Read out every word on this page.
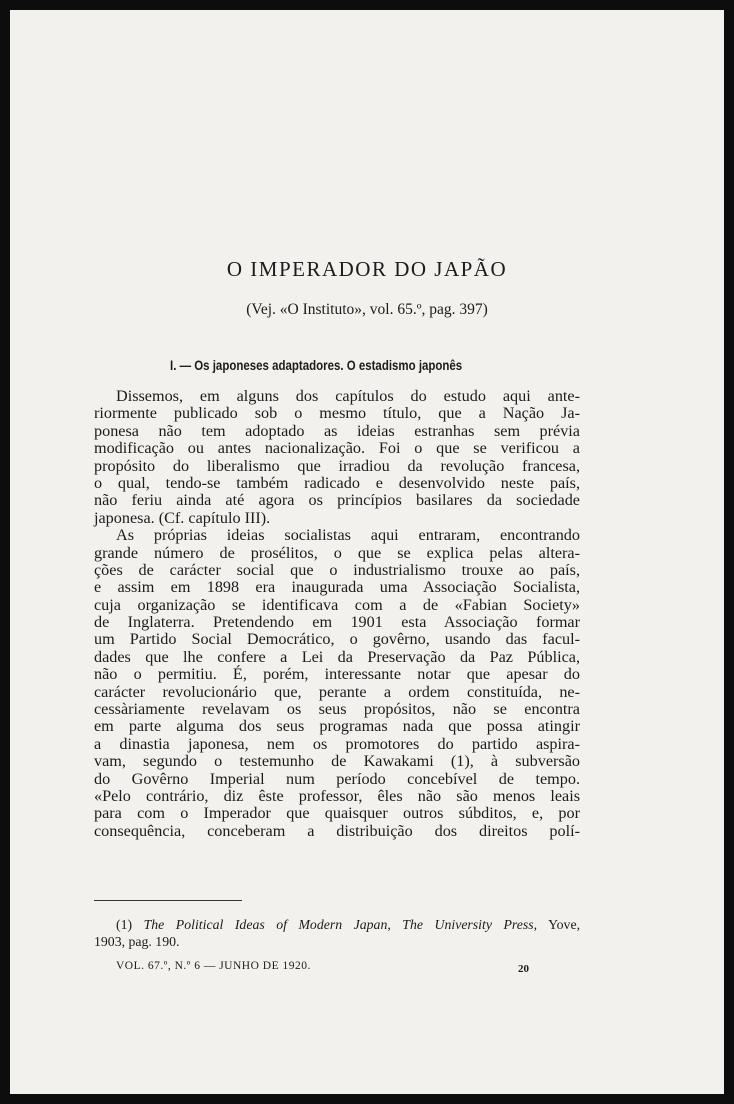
O IMPERADOR DO JAPÃO
(Vej. «O Instituto», vol. 65.º, pag. 397)
I. — Os japoneses adaptadores. O estadismo japonês
Dissemos, em alguns dos capítulos do estudo aqui ante-
riormente publicado sob o mesmo título, que a Nação Ja-
ponesa não tem adoptado as ideias estranhas sem prévia
modificação ou antes nacionalização. Foi o que se verificou a
propósito do liberalismo que irradiou da revolução francesa,
o qual, tendo-se também radicado e desenvolvido neste país,
não feriu ainda até agora os princípios basilares da sociedade
japonesa. (Cf. capítulo III).
As próprias ideias socialistas aqui entraram, encontrando
grande número de prosélitos, o que se explica pelas altera-
ções de carácter social que o industrialismo trouxe ao país,
e assim em 1898 era inaugurada uma Associação Socialista,
cuja organização se identificava com a de «Fabian Society»
de Inglaterra. Pretendendo em 1901 esta Associação formar
um Partido Social Democrático, o govêrno, usando das facul-
dades que lhe confere a Lei da Preservação da Paz Pública,
não o permitiu. É, porém, interessante notar que apesar do
carácter revolucionário que, perante a ordem constituída, ne-
cessàriamente revelavam os seus propósitos, não se encontra
em parte alguma dos seus programas nada que possa atingir
a dinastia japonesa, nem os promotores do partido aspira-
vam, segundo o testemunho de Kawakami (1), à subversão
do Govêrno Imperial num período concebível de tempo.
«Pelo contrário, diz êste professor, êles não são menos leais
para com o Imperador que quaisquer outros súbditos, e, por
consequência, conceberam a distribuição dos direitos polí-
(1) The Political Ideas of Modern Japan, The University Press, Yove,
1903, pag. 190.
VOL. 67.º, N.º 6 — JUNHO DE 1920.	20
